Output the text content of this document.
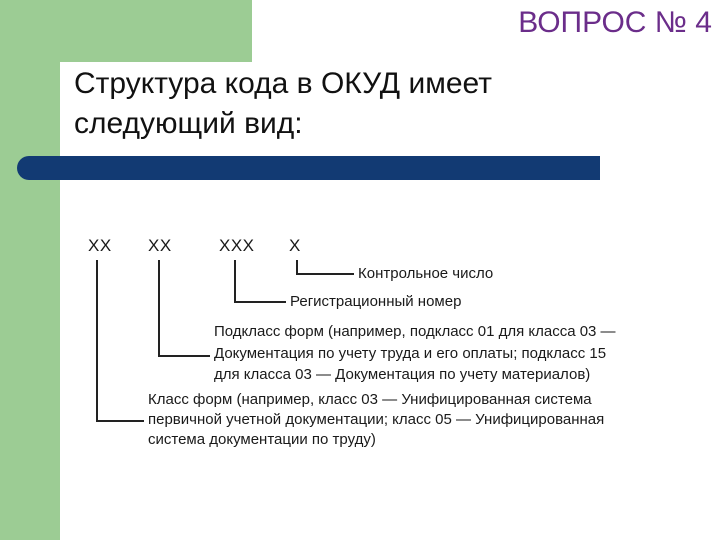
ВОПРОС № 4
Структура кода в ОКУД имеет
следующий вид:
XX XX	XXX X
Контрольное число
Регистрационный номер
Подкласс форм (например, подкласс 01 для класса 03 —
Документация по учету труда и его оплаты; подкласс 15
для класса 03 — Документация по учету материалов)
Класс форм (например, класс 03 — Унифицированная система
первичной учетной документации; класс 05 — Унифицированная
система документации по труду)
